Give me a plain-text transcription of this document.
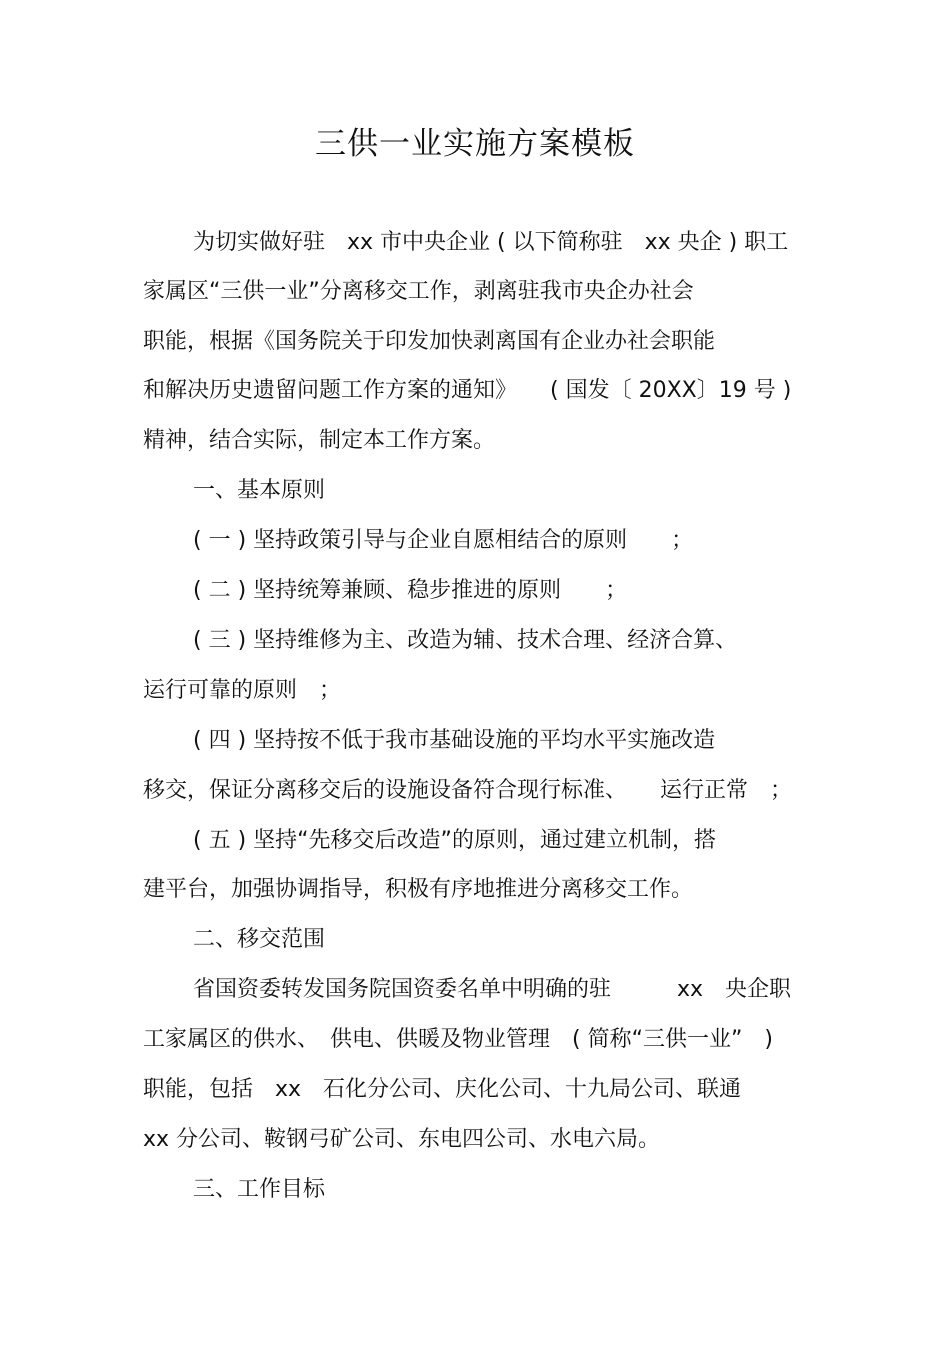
三供一业实施方案模板
为切实做好驻　xx 市中央企业 ( 以下简称驻　xx 央企 ) 职工
家属区“三供一业”分离移交工作，剥离驻我市央企办社会
职能，根据《国务院关于印发加快剥离国有企业办社会职能
和解决历史遗留问题工作方案的通知》　　( 国发〔 20XX〕19 号 )
精神，结合实际，制定本工作方案。
一、基本原则
( 一 ) 坚持政策引导与企业自愿相结合的原则　　；
( 二 ) 坚持统筹兼顾、稳步推进的原则　　；
( 三 ) 坚持维修为主、改造为辅、技术合理、经济合算、
运行可靠的原则　；
( 四 ) 坚持按不低于我市基础设施的平均水平实施改造
移交，保证分离移交后的设施设备符合现行标准、　　运行正常　；
( 五 ) 坚持“先移交后改造”的原则，通过建立机制，搭
建平台，加强协调指导，积极有序地推进分离移交工作。
二、移交范围
省国资委转发国务院国资委名单中明确的驻　　　xx　央企职
工家属区的供水、　供电、供暖及物业管理　( 简称“三供一业”　)
职能，包括　xx　石化分公司、庆化公司、十九局公司、联通
xx 分公司、鞍钢弓矿公司、东电四公司、水电六局。
三、工作目标
